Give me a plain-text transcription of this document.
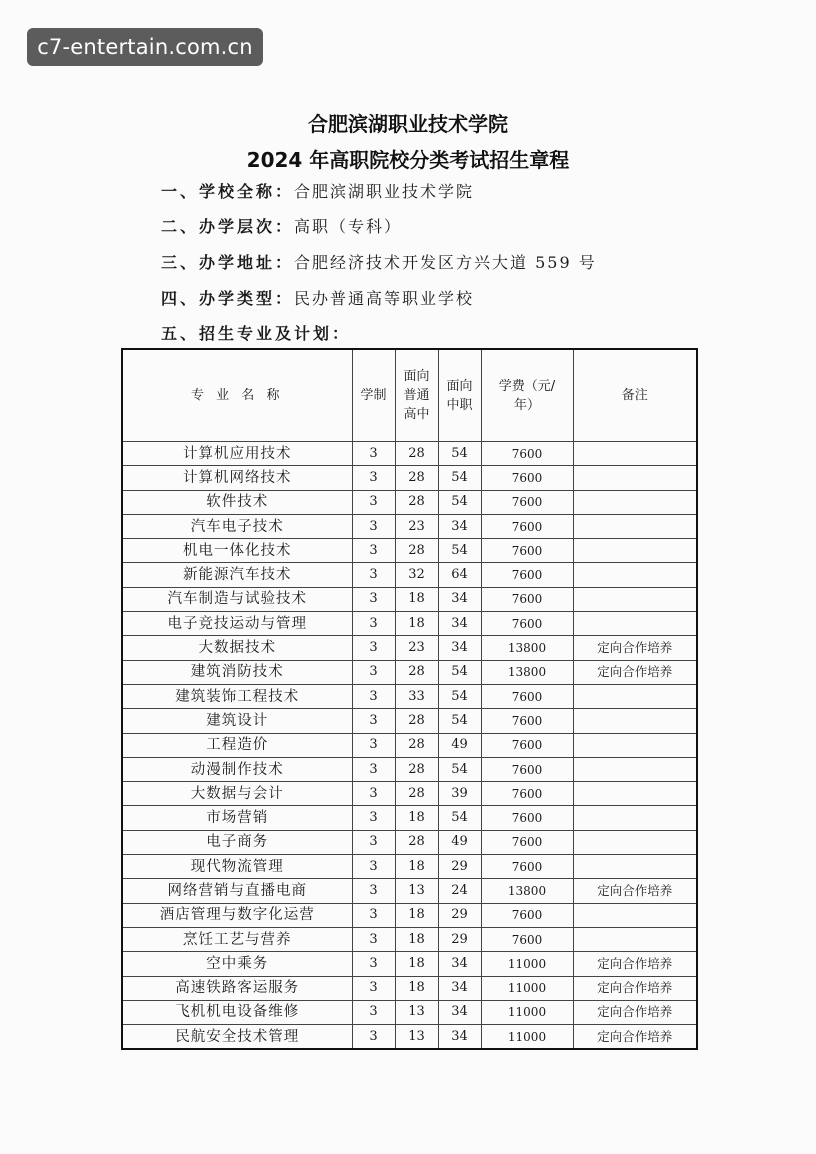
c7-entertain.com.cn
合肥滨湖职业技术学院
2024 年高职院校分类考试招生章程
一、学校全称：合肥滨湖职业技术学院
二、办学层次：高职（专科）
三、办学地址：合肥经济技术开发区方兴大道 559 号
四、办学类型：民办普通高等职业学校
五、招生专业及计划：
专 业 名 称	学制	面向普通高中	面向中职	学费（元/年）	备注
计算机应用技术	3	28	54	7600	
计算机网络技术	3	28	54	7600	
软件技术	3	28	54	7600	
汽车电子技术	3	23	34	7600	
机电一体化技术	3	28	54	7600	
新能源汽车技术	3	32	64	7600	
汽车制造与试验技术	3	18	34	7600	
电子竞技运动与管理	3	18	34	7600	
大数据技术	3	23	34	13800	定向合作培养
建筑消防技术	3	28	54	13800	定向合作培养
建筑装饰工程技术	3	33	54	7600	
建筑设计	3	28	54	7600	
工程造价	3	28	49	7600	
动漫制作技术	3	28	54	7600	
大数据与会计	3	28	39	7600	
市场营销	3	18	54	7600	
电子商务	3	28	49	7600	
现代物流管理	3	18	29	7600	
网络营销与直播电商	3	13	24	13800	定向合作培养
酒店管理与数字化运营	3	18	29	7600	
烹饪工艺与营养	3	18	29	7600	
空中乘务	3	18	34	11000	定向合作培养
高速铁路客运服务	3	18	34	11000	定向合作培养
飞机机电设备维修	3	13	34	11000	定向合作培养
民航安全技术管理	3	13	34	11000	定向合作培养
